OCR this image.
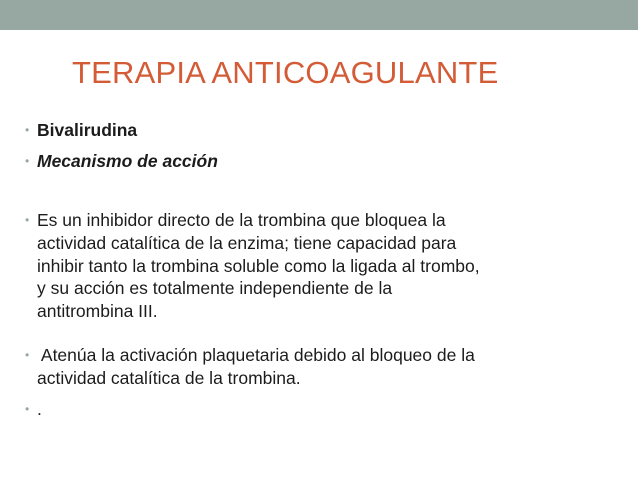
TERAPIA ANTICOAGULANTE
• Bivalirudina
• Mecanismo de acción
• Es un inhibidor directo de la trombina que bloquea la
actividad catalítica de la enzima; tiene capacidad para
inhibir tanto la trombina soluble como la ligada al trombo,
y su acción es totalmente independiente de la
antitrombina III.
• Atenúa la activación plaquetaria debido al bloqueo de la
actividad catalítica de la trombina.
• .
